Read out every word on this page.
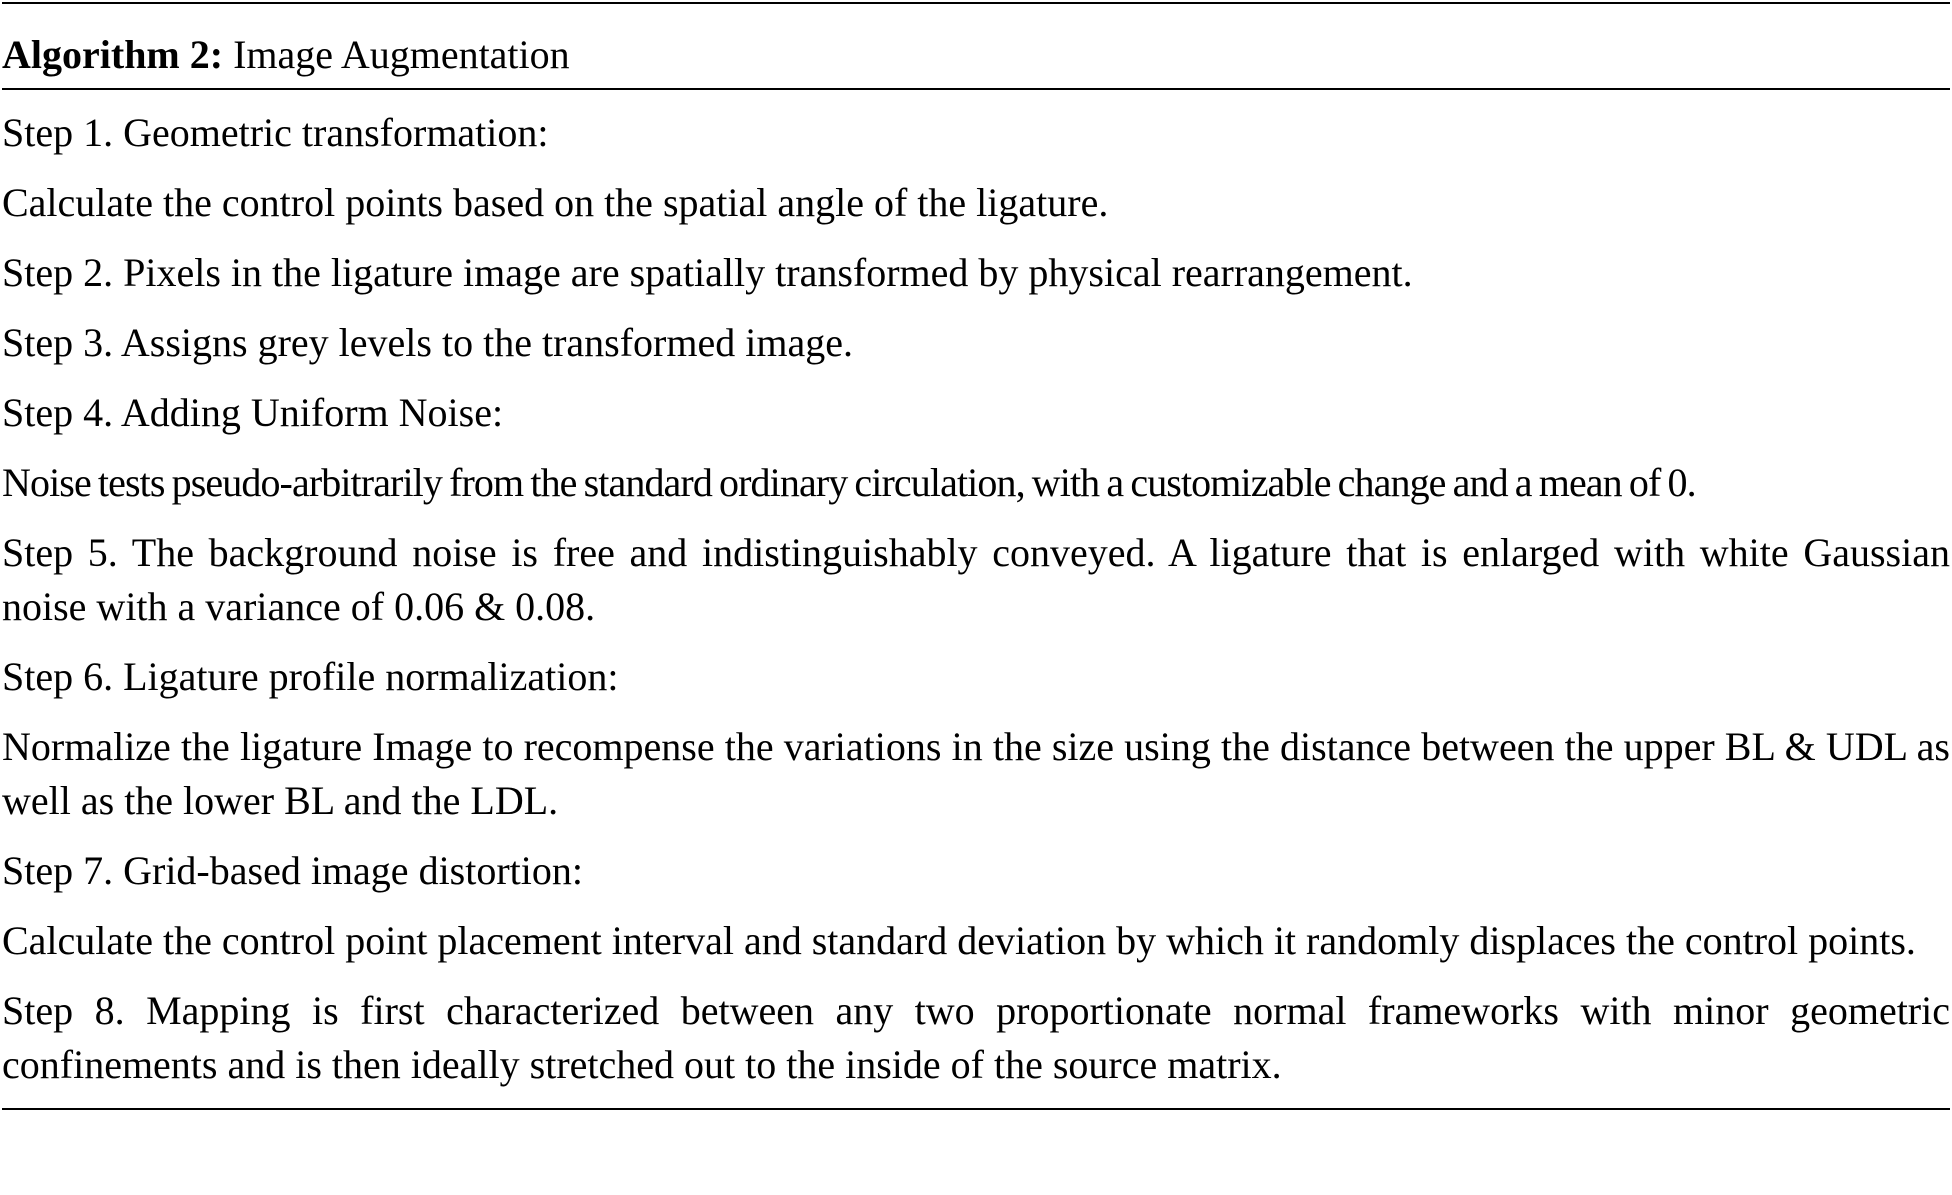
Algorithm 2: Image Augmentation
Step 1. Geometric transformation:
Calculate the control points based on the spatial angle of the ligature.
Step 2. Pixels in the ligature image are spatially transformed by physical rearrangement.
Step 3. Assigns grey levels to the transformed image.
Step 4. Adding Uniform Noise:
Noise tests pseudo-arbitrarily from the standard ordinary circulation, with a customizable change and a mean of 0.
Step 5. The background noise is free and indistinguishably conveyed. A ligature that is enlarged with white Gaussian noise with a variance of 0.06 & 0.08.
Step 6. Ligature profile normalization:
Normalize the ligature Image to recompense the variations in the size using the distance between the upper BL & UDL as well as the lower BL and the LDL.
Step 7. Grid-based image distortion:
Calculate the control point placement interval and standard deviation by which it randomly displaces the control points.
Step 8. Mapping is first characterized between any two proportionate normal frameworks with minor geometric confinements and is then ideally stretched out to the inside of the source matrix.
